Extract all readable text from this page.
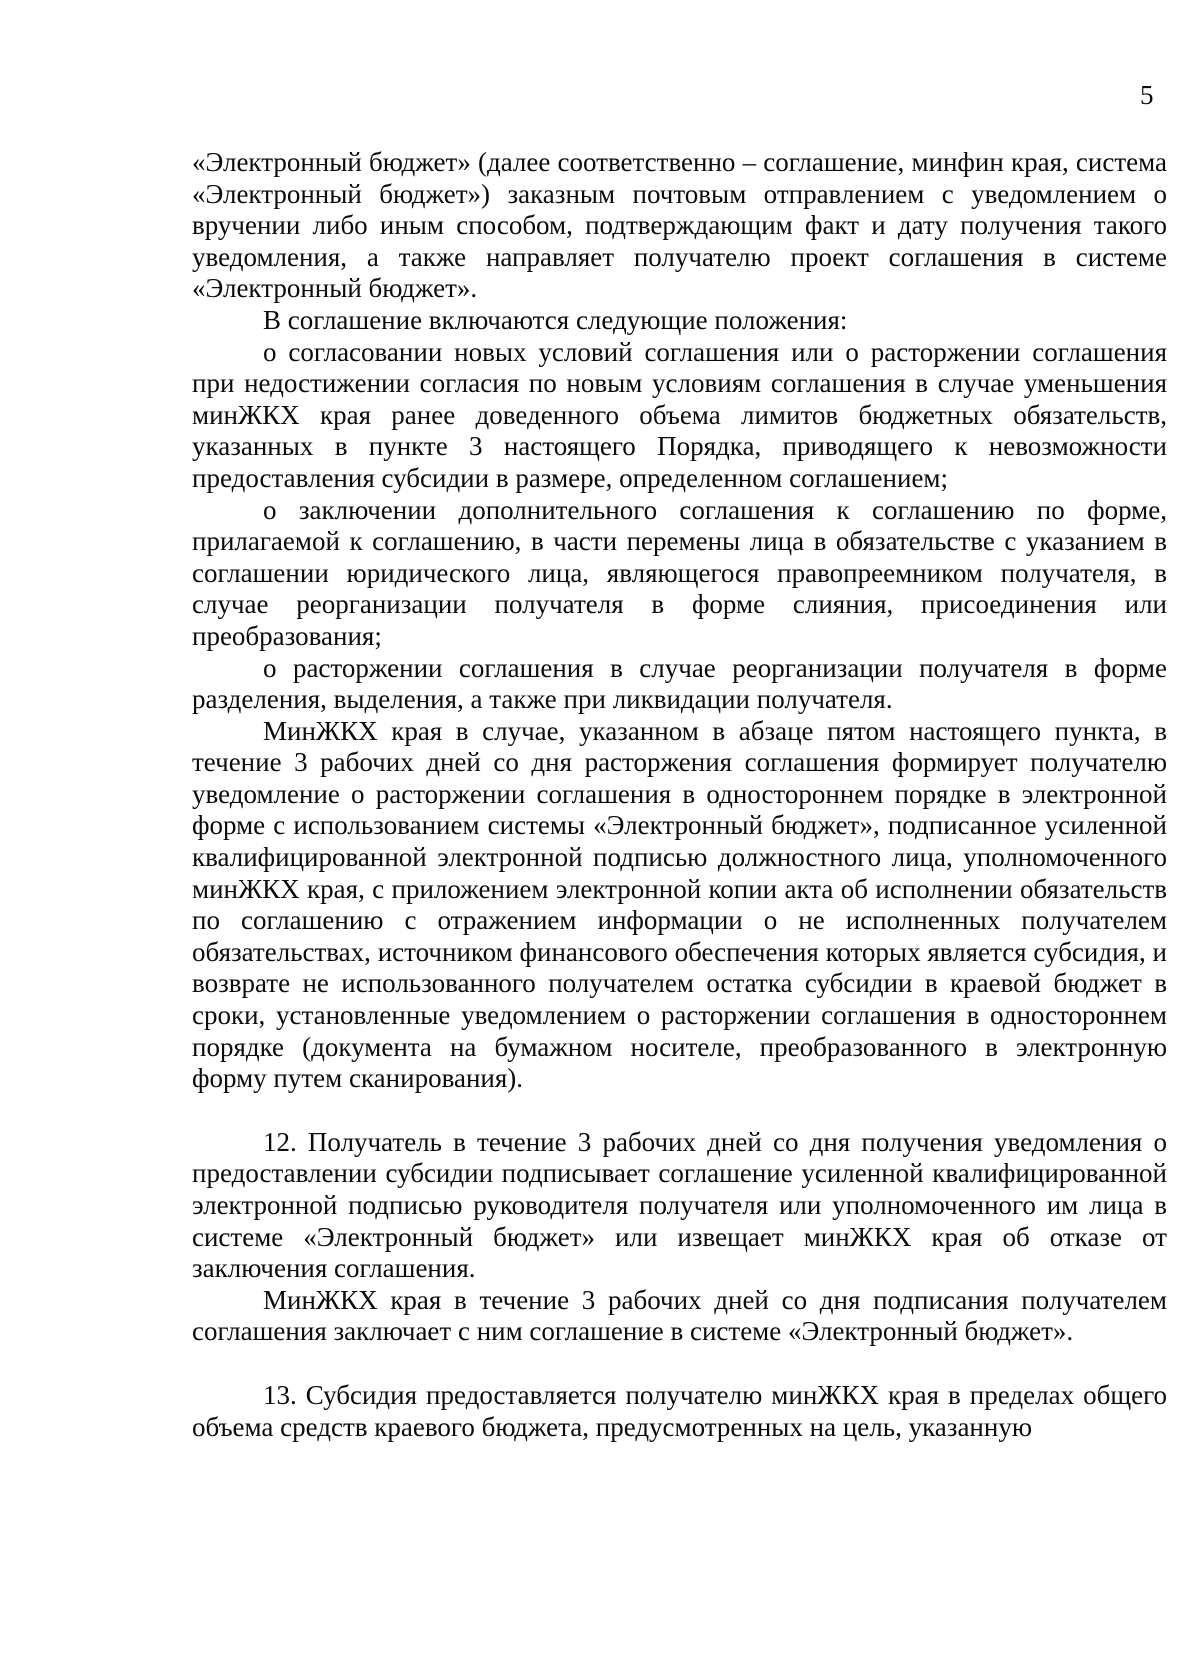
5

«Электронный бюджет» (далее соответственно – соглашение, минфин края, система «Электронный бюджет») заказным почтовым отправлением с уведомлением о вручении либо иным способом, подтверждающим факт и дату получения такого уведомления, а также направляет получателю проект соглашения в системе «Электронный бюджет».

В соглашение включаются следующие положения:

о согласовании новых условий соглашения или о расторжении соглашения при недостижении согласия по новым условиям соглашения в случае уменьшения минЖКХ края ранее доведенного объема лимитов бюджетных обязательств, указанных в пункте 3 настоящего Порядка, приводящего к невозможности предоставления субсидии в размере, определенном соглашением;

о заключении дополнительного соглашения к соглашению по форме, прилагаемой к соглашению, в части перемены лица в обязательстве с указанием в соглашении юридического лица, являющегося правопреемником получателя, в случае реорганизации получателя в форме слияния, присоединения или преобразования;

о расторжении соглашения в случае реорганизации получателя в форме разделения, выделения, а также при ликвидации получателя.

МинЖКХ края в случае, указанном в абзаце пятом настоящего пункта, в течение 3 рабочих дней со дня расторжения соглашения формирует получателю уведомление о расторжении соглашения в одностороннем порядке в электронной форме с использованием системы «Электронный бюджет», подписанное усиленной квалифицированной электронной подписью должностного лица, уполномоченного минЖКХ края, с приложением электронной копии акта об исполнении обязательств по соглашению с отражением информации о не исполненных получателем обязательствах, источником финансового обеспечения которых является субсидия, и возврате не использованного получателем остатка субсидии в краевой бюджет в сроки, установленные уведомлением о расторжении соглашения в одностороннем порядке (документа на бумажном носителе, преобразованного в электронную форму путем сканирования).

12. Получатель в течение 3 рабочих дней со дня получения уведомления о предоставлении субсидии подписывает соглашение усиленной квалифицированной электронной подписью руководителя получателя или уполномоченного им лица в системе «Электронный бюджет» или извещает минЖКХ края об отказе от заключения соглашения.

МинЖКХ края в течение 3 рабочих дней со дня подписания получателем соглашения заключает с ним соглашение в системе «Электронный бюджет».

13. Субсидия предоставляется получателю минЖКХ края в пределах общего объема средств краевого бюджета, предусмотренных на цель, указанную
